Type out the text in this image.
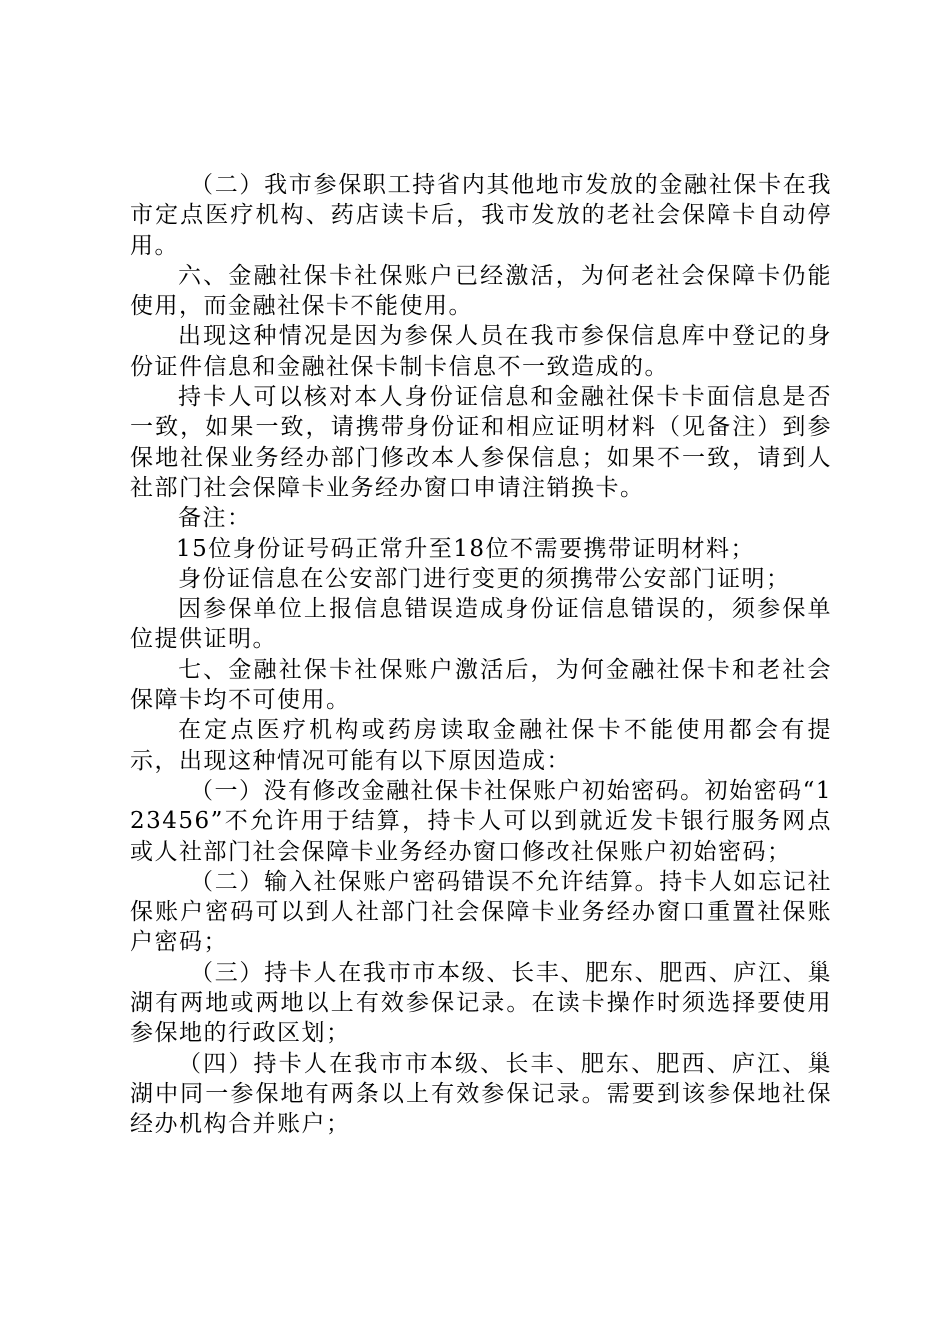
（二）我市参保职工持省内其他地市发放的金融社保卡在我市定点医疗机构、药店读卡后，我市发放的老社会保障卡自动停用。

六、金融社保卡社保账户已经激活，为何老社会保障卡仍能使用，而金融社保卡不能使用。

出现这种情况是因为参保人员在我市参保信息库中登记的身份证件信息和金融社保卡制卡信息不一致造成的。

持卡人可以核对本人身份证信息和金融社保卡卡面信息是否一致，如果一致，请携带身份证和相应证明材料（见备注）到参保地社保业务经办部门修改本人参保信息；如果不一致，请到人社部门社会保障卡业务经办窗口申请注销换卡。

备注：

15位身份证号码正常升至18位不需要携带证明材料；

身份证信息在公安部门进行变更的须携带公安部门证明；

因参保单位上报信息错误造成身份证信息错误的，须参保单位提供证明。

七、金融社保卡社保账户激活后，为何金融社保卡和老社会保障卡均不可使用。

在定点医疗机构或药房读取金融社保卡不能使用都会有提示，出现这种情况可能有以下原因造成：

（一）没有修改金融社保卡社保账户初始密码。初始密码“123456”不允许用于结算，持卡人可以到就近发卡银行服务网点或人社部门社会保障卡业务经办窗口修改社保账户初始密码；

（二）输入社保账户密码错误不允许结算。持卡人如忘记社保账户密码可以到人社部门社会保障卡业务经办窗口重置社保账户密码；

（三）持卡人在我市市本级、长丰、肥东、肥西、庐江、巢湖有两地或两地以上有效参保记录。在读卡操作时须选择要使用参保地的行政区划；

（四）持卡人在我市市本级、长丰、肥东、肥西、庐江、巢湖中同一参保地有两条以上有效参保记录。需要到该参保地社保经办机构合并账户；
